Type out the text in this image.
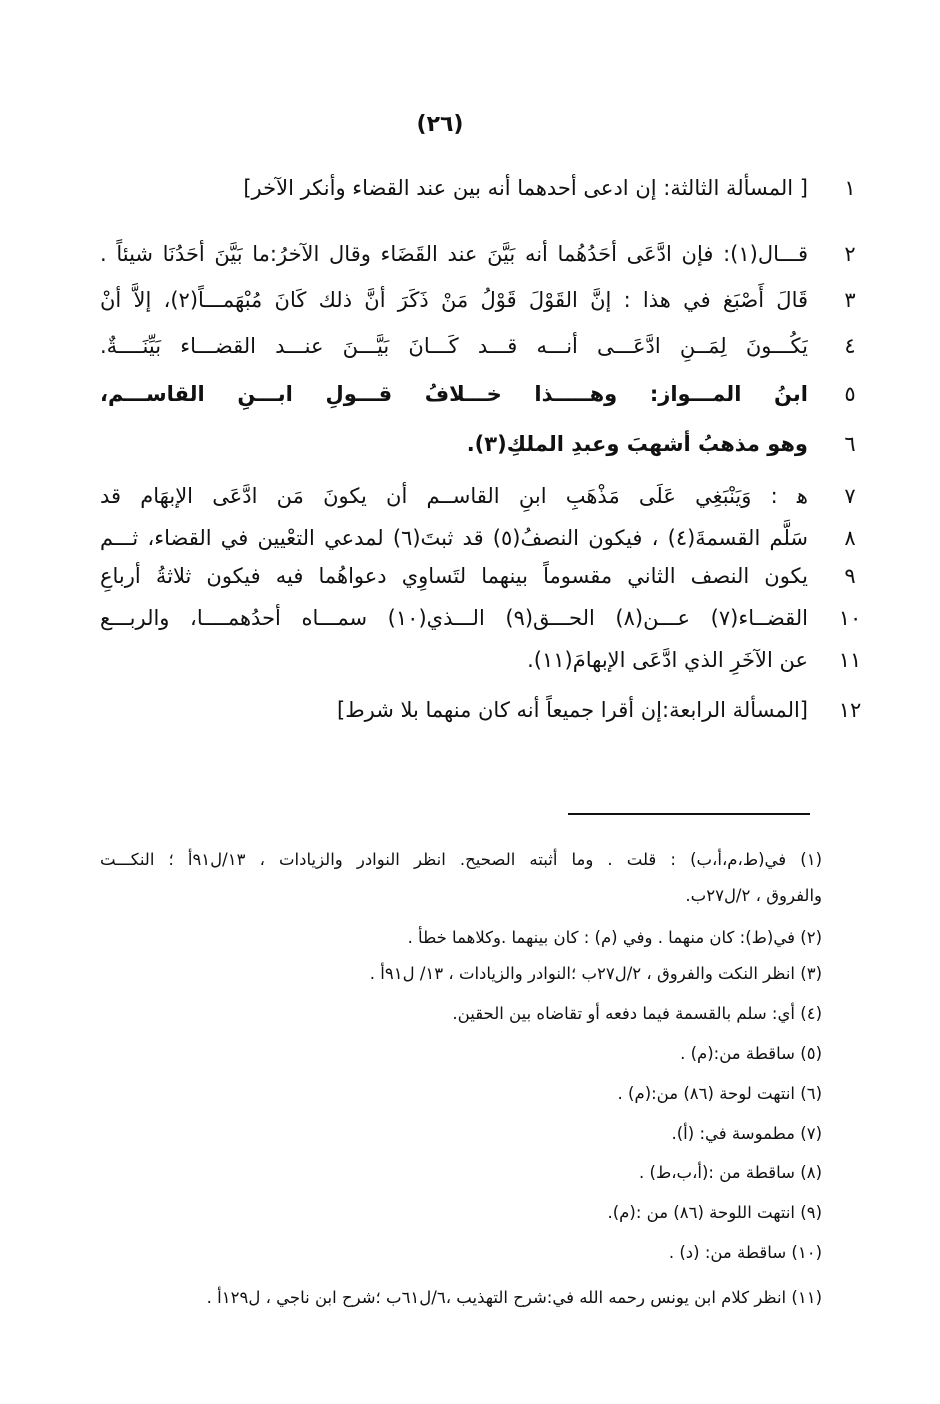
(٢٦)
١
[ المسألة الثالثة: إن ادعى أحدهما أنه بين عند القضاء وأنكر الآخر]
٢
قـــال(١): فإن ادَّعَى أحَدُهُما أنه بَيَّنَ عند القَضَاء وقال الآخرُ:ما بَيَّنَ أحَدُنَا شيئاً .
٣
قَالَ أَصْبَغ في هذا : إنَّ القَوْلَ قَوْلُ مَنْ ذَكَرَ أنَّ ذلك كَانَ مُبْهَمـــاً(٢)، إلاَّ أنْ
٤
يَكُـــونَ لِمَــنِ ادَّعَـــى أنـــه قـــد كَـــانَ بَيَّـــنَ عنـــد القضـــاء بَيِّنَــــةٌ.
٥
ابنُ المـــواز: وهـــــذا خـــلافُ قـــولِ ابـــنِ القاســـم،
٦
وهو مذهبُ أشهبَ وعبدِ الملكِ(٣).
٧
ﻫ : وَيَنْبَغِي عَلَى مَذْهَبِ ابنِ القاســم أن يكونَ مَن ادَّعَى الإبهَام قد
٨
سَلَّم القسمةَ(٤) ، فيكون النصفُ(٥) قد ثبتَ(٦) لمدعي التعْيين في القضاء، ثـــم
٩
يكون النصف الثاني مقسوماً بينهما لتَساوِي دعواهُما فيه فيكون ثلاثةُ أرباعِ
١٠
القضــاء(٧) عـــن(٨) الحـــق(٩) الـــذي(١٠) سمـــاه أحدُهمــــا، والربـــع
١١
عن الآخَرِ الذي ادَّعَى الإبهامَ(١١).
١٢
[المسألة الرابعة:إن أقرا جميعاً أنه كان منهما بلا شرط]
(١) في(ط،م،أ،ب) : قلت . وما أثبته الصحيح. انظر النوادر والزيادات ، ١٣/ل٩١أ ؛ النكـــت
والفروق ، ٢/ل٢٧ب.
(٢) في(ط): كان منهما . وفي (م) : كان بينهما .وكلاهما خطأ .
(٣) انظر النكت والفروق ، ٢/ل٢٧ب ؛النوادر والزيادات ، ١٣/ ل٩١أ .
(٤) أي: سلم بالقسمة فيما دفعه أو تقاضاه بين الحقين.
(٥) ساقطة من:(م) .
(٦) انتهت لوحة (٨٦) من:(م) .
(٧) مطموسة في: (أ).
(٨) ساقطة من :(أ،ب،ط) .
(٩) انتهت اللوحة (٨٦) من :(م).
(١٠) ساقطة من: (د) .
(١١) انظر كلام ابن يونس رحمه الله في:شرح التهذيب ،٦/ل٦١ب ؛شرح ابن ناجي ، ل١٢٩أ .
